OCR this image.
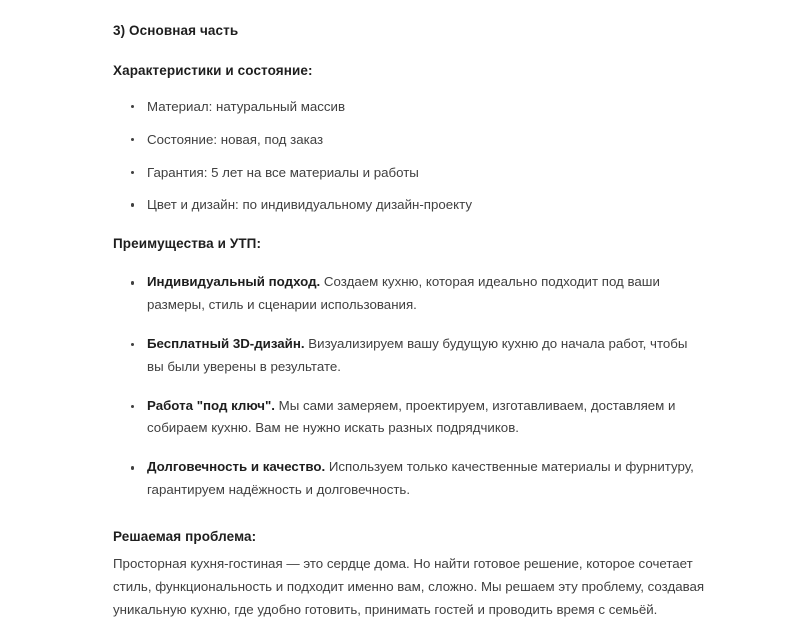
3) Основная часть
Характеристики и состояние:
Материал: натуральный массив
Состояние: новая, под заказ
Гарантия: 5 лет на все материалы и работы
Цвет и дизайн: по индивидуальному дизайн-проекту
Преимущества и УТП:
Индивидуальный подход. Создаем кухню, которая идеально подходит под ваши размеры, стиль и сценарии использования.
Бесплатный 3D-дизайн. Визуализируем вашу будущую кухню до начала работ, чтобы вы были уверены в результате.
Работа "под ключ". Мы сами замеряем, проектируем, изготавливаем, доставляем и собираем кухню. Вам не нужно искать разных подрядчиков.
Долговечность и качество. Используем только качественные материалы и фурнитуру, гарантируем надёжность и долговечность.
Решаемая проблема:

Просторная кухня-гостиная — это сердце дома. Но найти готовое решение, которое сочетает стиль, функциональность и подходит именно вам, сложно. Мы решаем эту проблему, создавая уникальную кухню, где удобно готовить, принимать гостей и проводить время с семьёй.
